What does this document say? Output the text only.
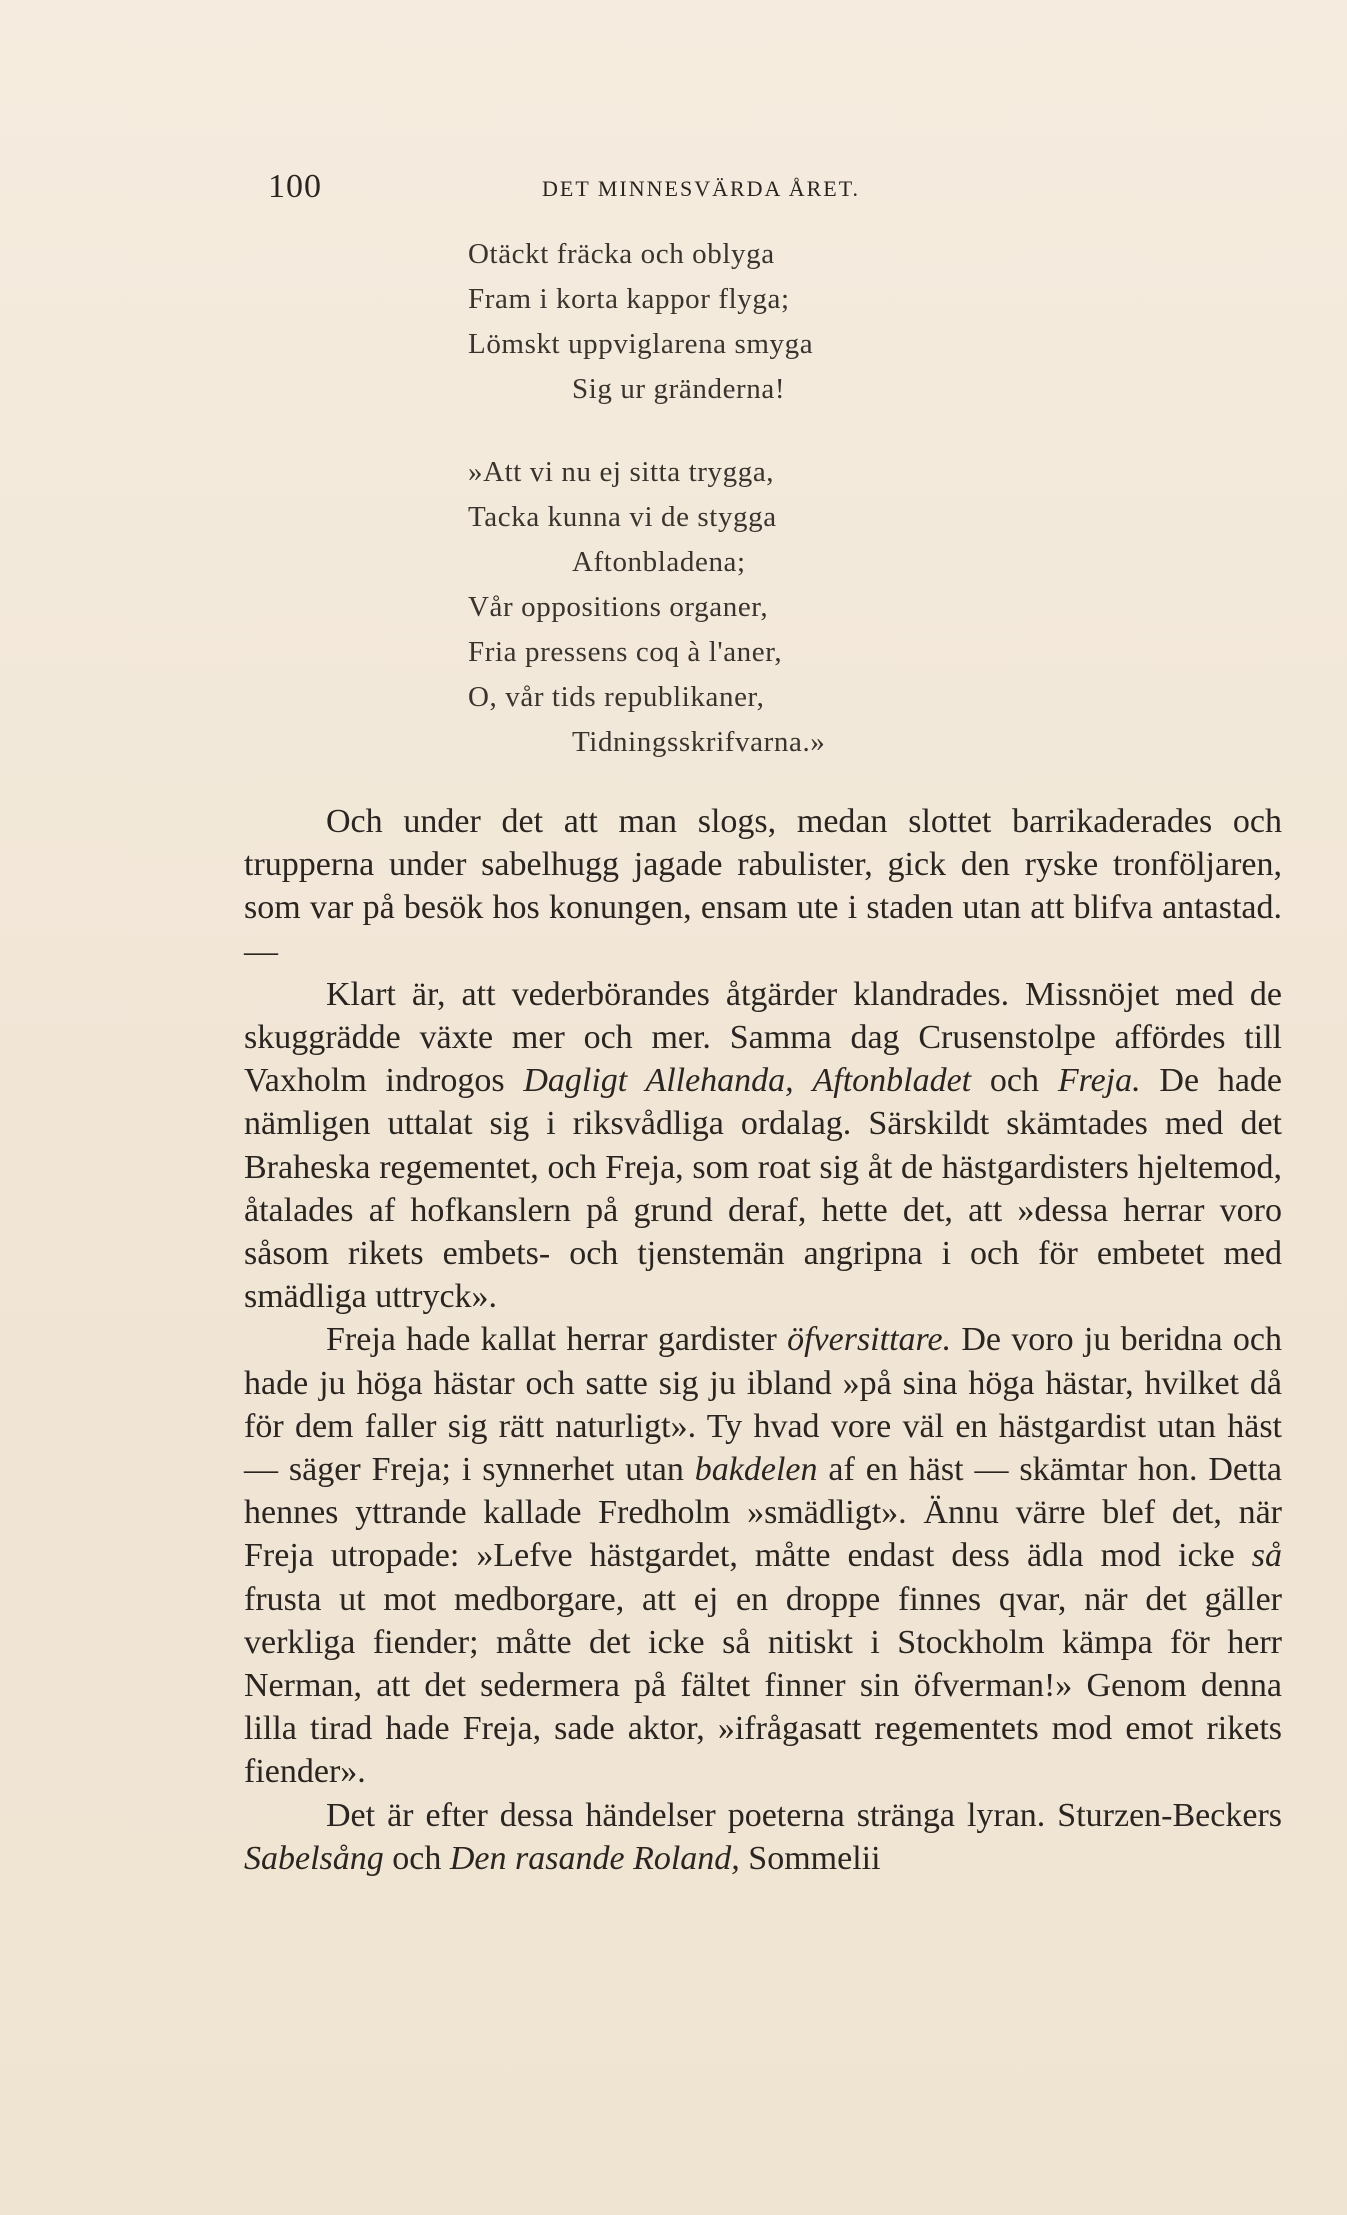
100	DET MINNESVÄRDA ÅRET.
Otäckt fräcka och oblyga
Fram i korta kappor flyga;
Lömskt uppviglarena smyga
Sig ur gränderna!
»Att vi nu ej sitta trygga,
Tacka kunna vi de stygga
Aftonbladena;
Vår oppositions organer,
Fria pressens coq à l'aner,
O, vår tids republikaner,
Tidningsskrifvarna.»

Och under det att man slogs, medan slottet barrikaderades och trupperna under sabelhugg jagade rabulister, gick den ryske tronföljaren, som var på besök hos konungen, ensam ute i staden utan att blifva antastad. —

Klart är, att vederbörandes åtgärder klandrades. Missnöjet med de skuggrädde växte mer och mer. Samma dag Crusenstolpe affördes till Vaxholm indrogos Dagligt Allehanda, Aftonbladet och Freja. De hade nämligen uttalat sig i riksvådliga ordalag. Särskildt skämtades med det Braheska regementet, och Freja, som roat sig åt de hästgardisters hjeltemod, åtalades af hofkanslern på grund deraf, hette det, att »dessa herrar voro såsom rikets embets- och tjenstemän angripna i och för embetet med smädliga uttryck».

Freja hade kallat herrar gardister öfversittare. De voro ju beridna och hade ju höga hästar och satte sig ju ibland »på sina höga hästar, hvilket då för dem faller sig rätt naturligt». Ty hvad vore väl en hästgardist utan häst — säger Freja; i synnerhet utan bakdelen af en häst — skämtar hon. Detta hennes yttrande kallade Fredholm »smädligt». Ännu värre blef det, när Freja utropade: »Lefve hästgardet, måtte endast dess ädla mod icke så frusta ut mot medborgare, att ej en droppe finnes qvar, när det gäller verkliga fiender; måtte det icke så nitiskt i Stockholm kämpa för herr Nerman, att det sedermera på fältet finner sin öfverman!» Genom denna lilla tirad hade Freja, sade aktor, »ifrågasatt regementets mod emot rikets fiender».

Det är efter dessa händelser poeterna stränga lyran. Sturzen-Beckers Sabelsång och Den rasande Roland, Sommelii
